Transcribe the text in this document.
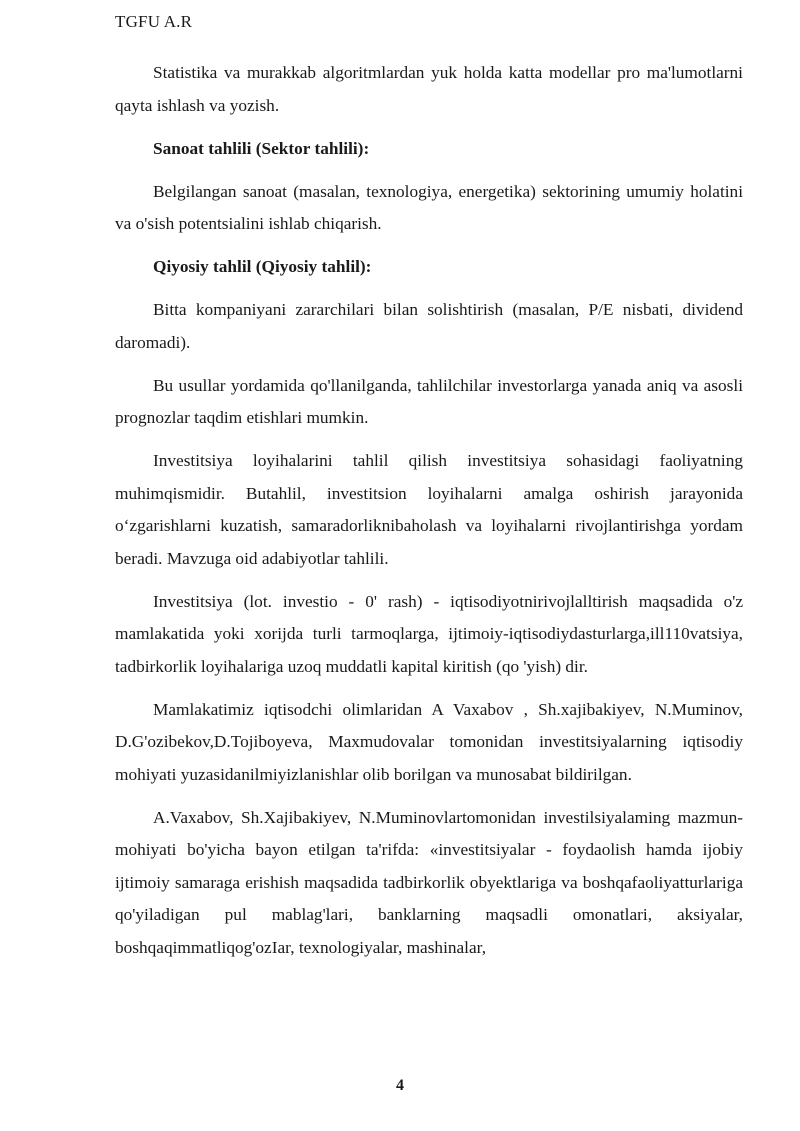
TGFU A.R

Statistika va murakkab algoritmlardan yuk holda katta modellar pro ma'lumotlarni qayta ishlash va yozish.

Sanoat tahlili (Sektor tahlili):

Belgilangan sanoat (masalan, texnologiya, energetika) sektorining umumiy holatini va o'sish potentsialini ishlab chiqarish.

Qiyosiy tahlil (Qiyosiy tahlil):

Bitta kompaniyani zararchilari bilan solishtirish (masalan, P/E nisbati, dividend daromadi).

Bu usullar yordamida qo'llanilganda, tahlilchilar investorlarga yanada aniq va asosli prognozlar taqdim etishlari mumkin.

Investitsiya loyihalarini tahlil qilish investitsiya sohasidagi faoliyatning muhimqismidir. Butahlil, investitsion loyihalarni amalga oshirish jarayonida o‘zgarishlarni kuzatish, samaradorliknibaholash va loyihalarni rivojlantirishga yordam beradi. Mavzuga oid adabiyotlar tahlili.

Investitsiya (lot. investio - 0' rash) - iqtisodiyotnirivojlalltirish maqsadida o'z mamlakatida yoki xorijda turli tarmoqlarga, ijtimoiy-iqtisodiydasturlarga,ill110vatsiya, tadbirkorlik loyihalariga uzoq muddatli kapital kiritish (qo 'yish) dir.

Mamlakatimiz iqtisodchi olimlaridan A Vaxabov , Sh.xajibakiyev, N.Muminov, D.G'ozibekov,D.Tojiboyeva, Maxmudovalar tomonidan investitsiyalarning iqtisodiy mohiyati yuzasidanilmiyizlanishlar olib borilgan va munosabat bildirilgan.

A.Vaxabov, Sh.Xajibakiyev, N.Muminovlartomonidan investilsiyalaming mazmun-mohiyati bo'yicha bayon etilgan ta'rifda: «investitsiyalar - foydaolish hamda ijobiy ijtimoiy samaraga erishish maqsadida tadbirkorlik obyektlariga va boshqafaoliyatturlariga qo'yiladigan pul mablag'lari, banklarning maqsadli omonatlari, aksiyalar, boshqaqimmatliqog'ozIar, texnologiyalar, mashinalar,

4
